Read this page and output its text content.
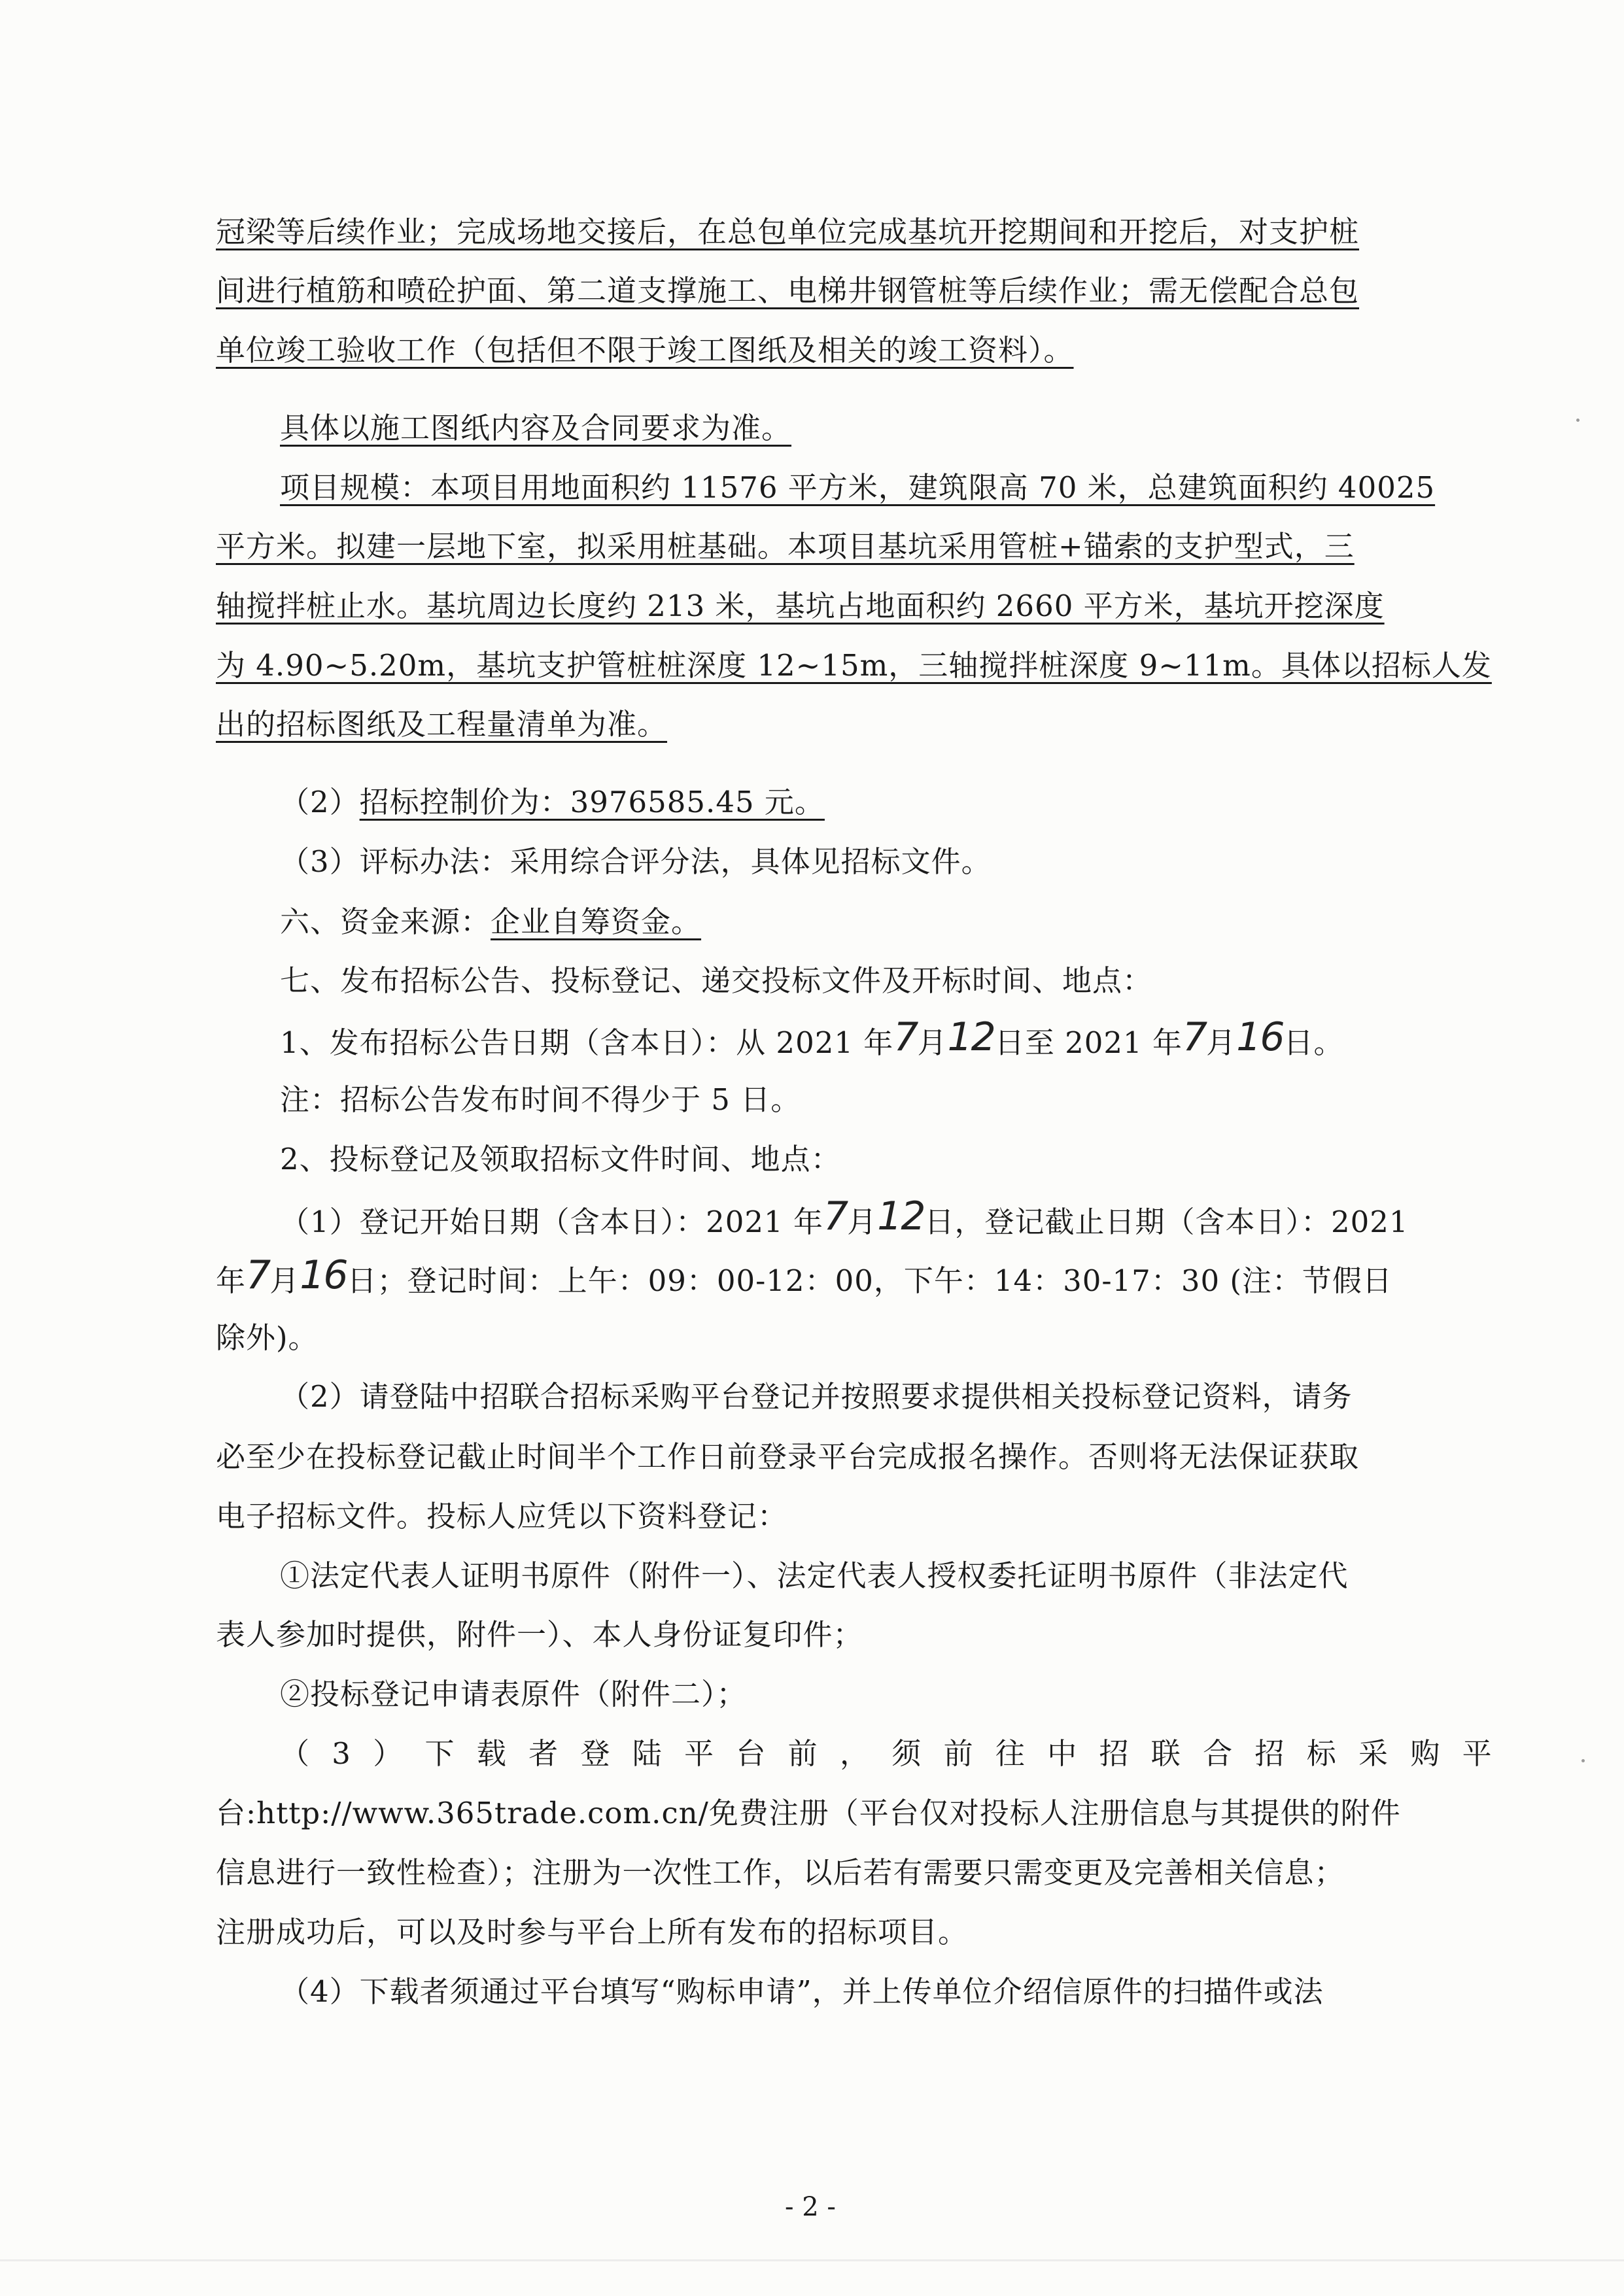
冠梁等后续作业；完成场地交接后，在总包单位完成基坑开挖期间和开挖后，对支护桩
间进行植筋和喷砼护面、第二道支撑施工、电梯井钢管桩等后续作业；需无偿配合总包
单位竣工验收工作（包括但不限于竣工图纸及相关的竣工资料）。
具体以施工图纸内容及合同要求为准。
项目规模：本项目用地面积约 11576 平方米，建筑限高 70 米，总建筑面积约 40025
平方米。拟建一层地下室，拟采用桩基础。本项目基坑采用管桩+锚索的支护型式，三
轴搅拌桩止水。基坑周边长度约 213 米，基坑占地面积约 2660 平方米，基坑开挖深度
为 4.90~5.20m，基坑支护管桩桩深度 12~15m，三轴搅拌桩深度 9~11m。具体以招标人发
出的招标图纸及工程量清单为准。
（2）招标控制价为：3976585.45 元。
（3）评标办法：采用综合评分法，具体见招标文件。
六、资金来源：企业自筹资金。
七、发布招标公告、投标登记、递交投标文件及开标时间、地点：
1、发布招标公告日期（含本日）：从 2021 年7月12日至 2021 年7月16日。
注：招标公告发布时间不得少于 5 日。
2、投标登记及领取招标文件时间、地点：
（1）登记开始日期（含本日）：2021 年7月12日，登记截止日期（含本日）：2021
年7月16日；登记时间：上午：09：00-12：00，下午：14：30-17：30 (注：节假日
除外)。
（2）请登陆中招联合招标采购平台登记并按照要求提供相关投标登记资料，请务
必至少在投标登记截止时间半个工作日前登录平台完成报名操作。否则将无法保证获取
电子招标文件。投标人应凭以下资料登记：
①法定代表人证明书原件（附件一）、法定代表人授权委托证明书原件（非法定代
表人参加时提供，附件一）、本人身份证复印件；
②投标登记申请表原件（附件二）；
（ 3 ） 下 载 者 登 陆 平 台 前 ， 须 前 往 中 招 联 合 招 标 采 购 平
台:http://www.365trade.com.cn/免费注册（平台仅对投标人注册信息与其提供的附件
信息进行一致性检查）；注册为一次性工作，以后若有需要只需变更及完善相关信息；
注册成功后，可以及时参与平台上所有发布的招标项目。
（4）下载者须通过平台填写“购标申请”，并上传单位介绍信原件的扫描件或法
- 2 -
